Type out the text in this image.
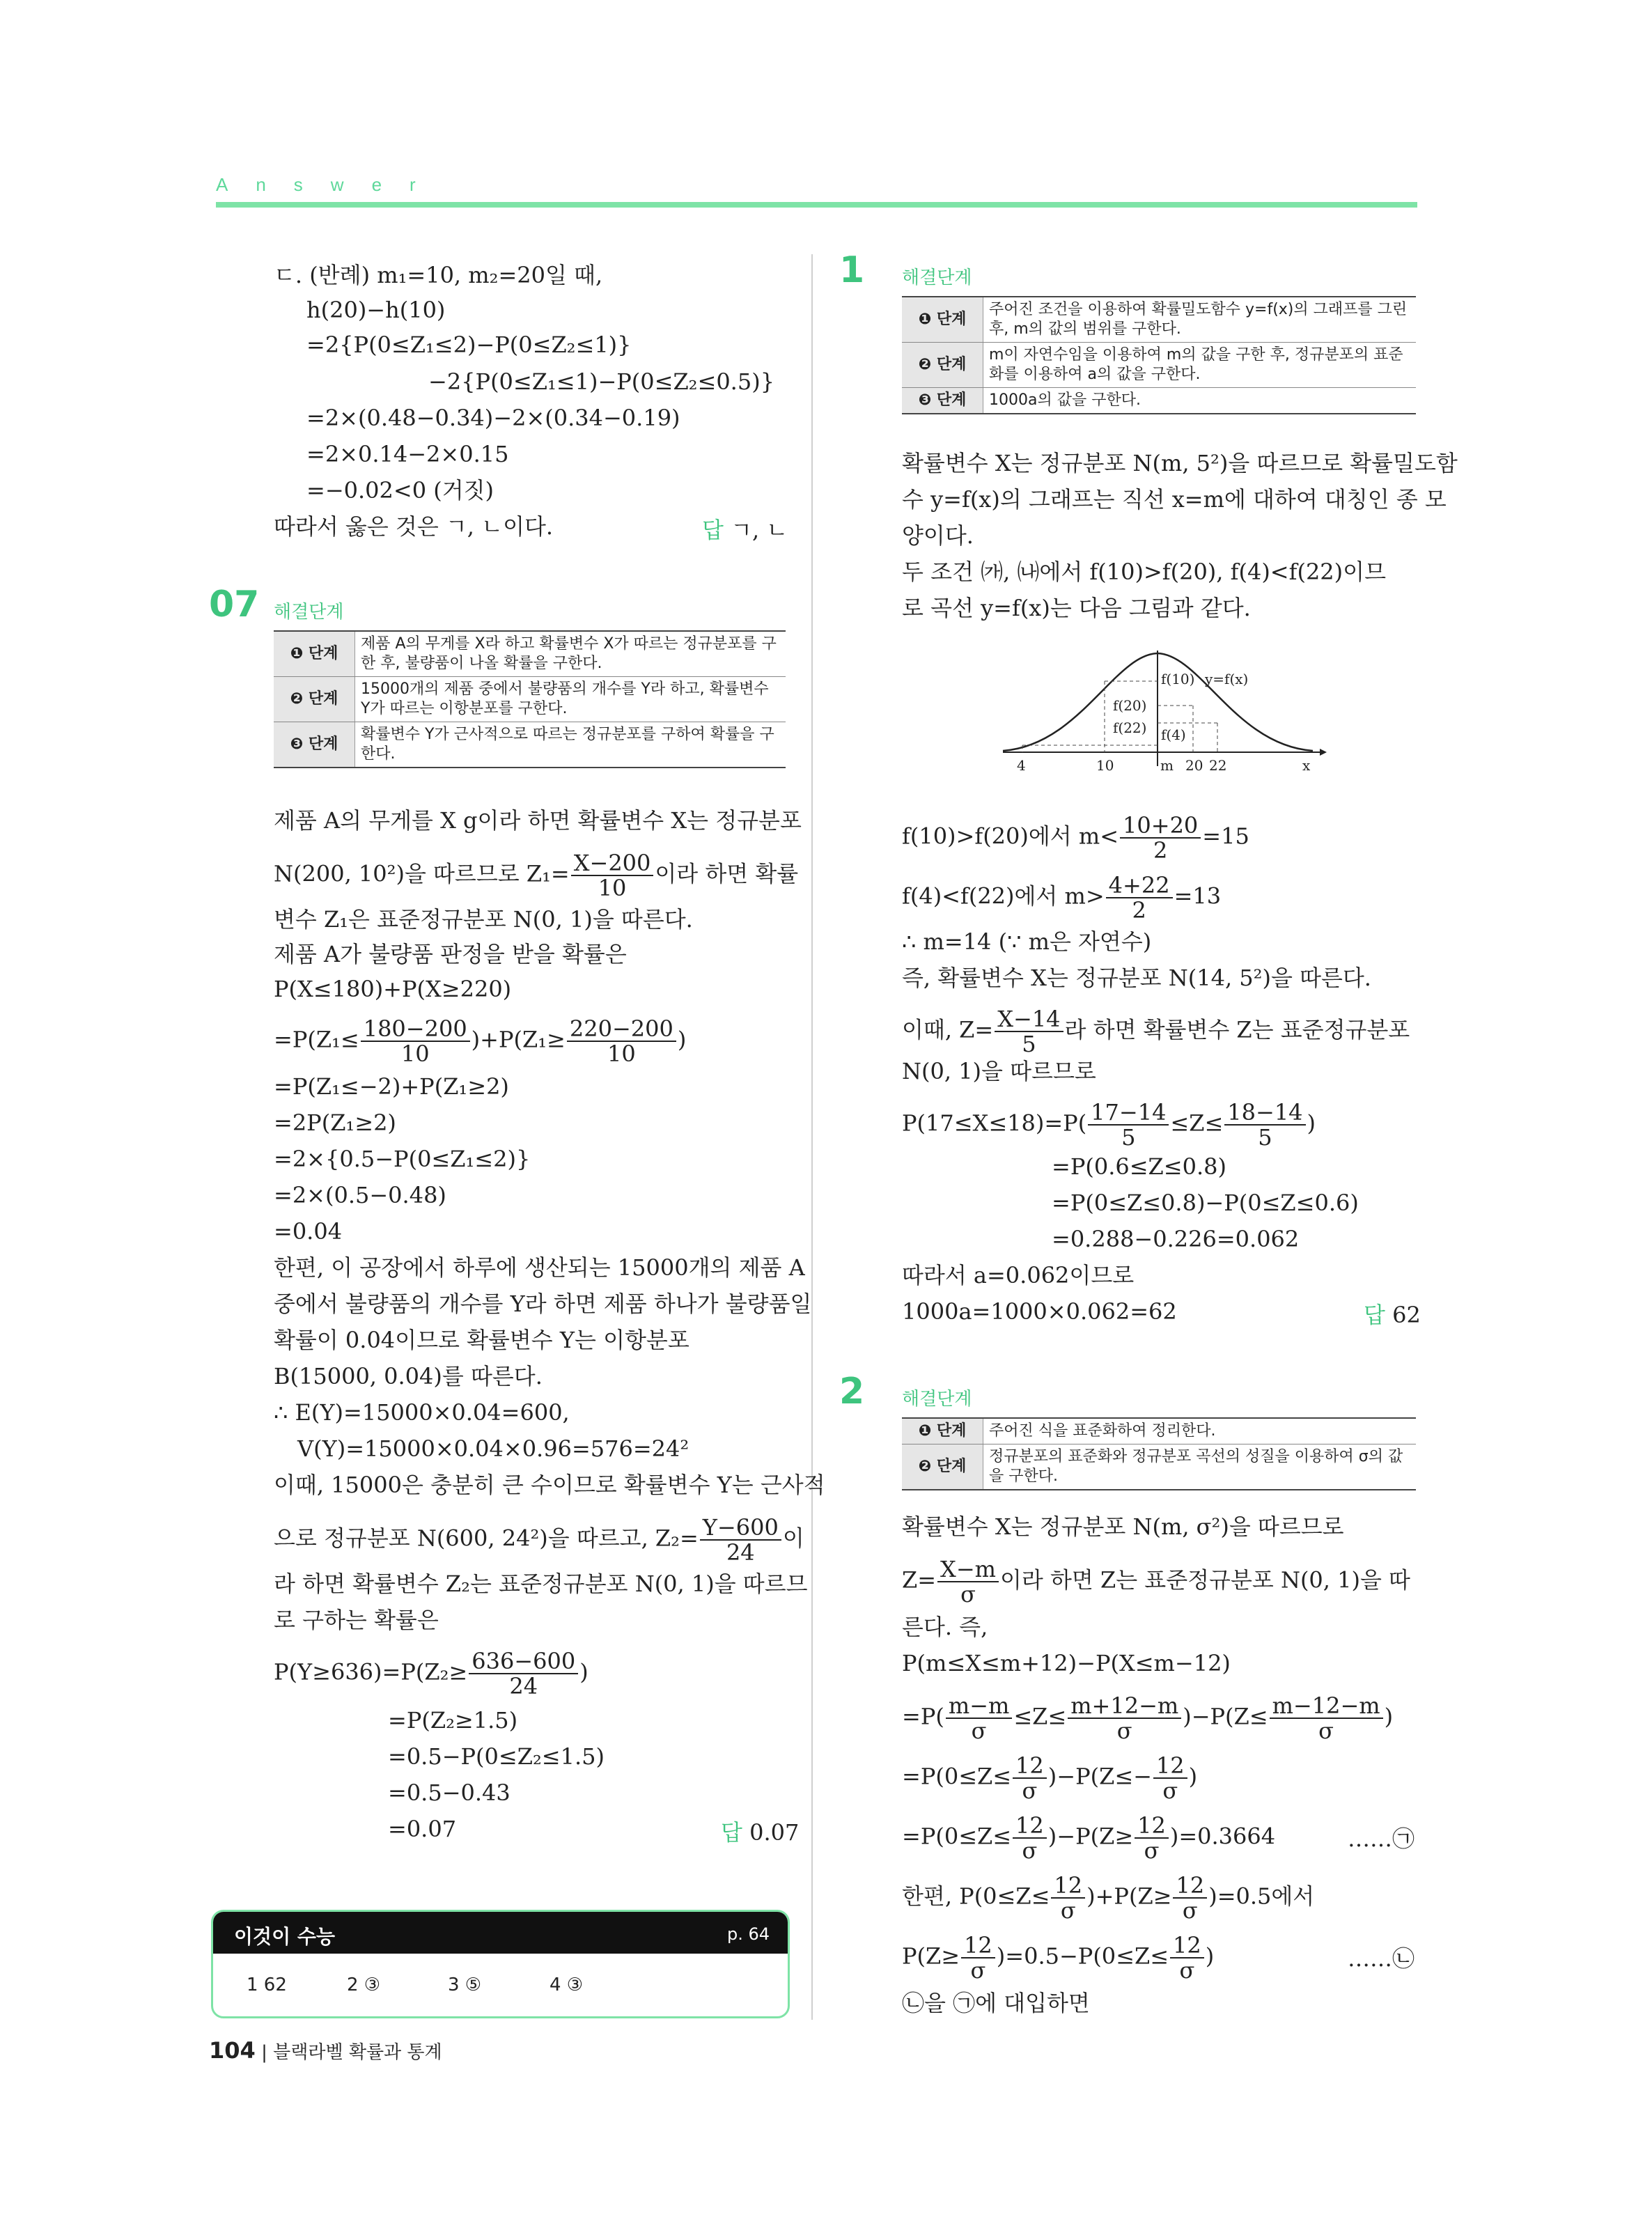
Answer
ㄷ. (반례) m₁=10, m₂=20일 때,
h(20)−h(10)
=2{P(0≤Z₁≤2)−P(0≤Z₂≤1)}
−2{P(0≤Z₁≤1)−P(0≤Z₂≤0.5)}
=2×(0.48−0.34)−2×(0.34−0.19)
=2×0.14−2×0.15
=−0.02<0 (거짓)
따라서 옳은 것은 ㄱ, ㄴ이다.	답 ㄱ, ㄴ
07 해결단계
❶ 단계	제품 A의 무게를 X라 하고 확률변수 X가 따르는 정규분포를 구한 후, 불량품이 나올 확률을 구한다.
❷ 단계	15000개의 제품 중에서 불량품의 개수를 Y라 하고, 확률변수 Y가 따르는 이항분포를 구한다.
❸ 단계	확률변수 Y가 근사적으로 따르는 정규분포를 구하여 확률을 구한다.
제품 A의 무게를 X g이라 하면 확률변수 X는 정규분포
N(200, 10²)을 따르므로 $Z_1= \frac{X-200}{10}$ 이라 하면 확률
변수 Z₁은 표준정규분포 N(0, 1)을 따른다.
제품 A가 불량품 판정을 받을 확률은
P(X≤180)+P(X≥220)
$=P(Z_1\le \frac{180-200}{10} )+P(Z_1\ge \frac{220-200}{10}$ )
=P(Z₁≤−2)+P(Z₁≥2)
=2P(Z₁≥2)
=2×{0.5−P(0≤Z₁≤2)}
=2×(0.5−0.48)
=0.04
한편, 이 공장에서 하루에 생산되는 15000개의 제품 A
중에서 불량품의 개수를 Y라 하면 제품 하나가 불량품일
확률이 0.04이므로 확률변수 Y는 이항분포
B(15000, 0.04)를 따른다.
∴ E(Y)=15000×0.04=600,
V(Y)=15000×0.04×0.96=576=24²
이때, 15000은 충분히 큰 수이므로 확률변수 Y는 근사적
으로 정규분포 N(600, 24²)을 따르고, $Z_2= \frac{Y-600}{24}$ 이
라 하면 확률변수 Z₂는 표준정규분포 N(0, 1)을 따르므
로 구하는 확률은
$P(Y\ge 636)=P(Z_2\ge \frac{636-600}{24}$ )
=P(Z₂≥1.5)
=0.5−P(0≤Z₂≤1.5)
=0.5−0.43
=0.07	답 0.07
이것이 수능	p. 64
1 62	2 ③	3 ⑤	4 ③
1 해결단계
❶ 단계	주어진 조건을 이용하여 확률밀도함수 y=f(x)의 그래프를 그린 후, m의 값의 범위를 구한다.
❷ 단계	m이 자연수임을 이용하여 m의 값을 구한 후, 정규분포의 표준화를 이용하여 a의 값을 구한다.
❸ 단계	1000a의 값을 구한다.
확률변수 X는 정규분포 N(m, 5²)을 따르므로 확률밀도함
수 y=f(x)의 그래프는 직선 x=m에 대하여 대칭인 종 모
양이다.
두 조건 ㈎, ㈏에서 f(10)>f(20), f(4)<f(22)이므
로 곡선 y=f(x)는 다음 그림과 같다.
f(10) y=f(x)
f(20)
f(22) f(4)
4	10	m 20 22	x
f(10)>f(20)에서 $m< \frac{10+20}{2} =15$
f(4)<f(22)에서 $m> \frac{4+22}{2} =13$
∴ m=14 (∵ m은 자연수)
즉, 확률변수 X는 정규분포 N(14, 5²)을 따른다.
이때, $Z= \frac{X-14}{5}$ 라 하면 확률변수 Z는 표준정규분포
N(0, 1)을 따르므로
$P(17\le X\le 18)=P( \frac{17-14}{5} \le Z\le \frac{18-14}{5}$ )
=P(0.6≤Z≤0.8)
=P(0≤Z≤0.8)−P(0≤Z≤0.6)
=0.288−0.226=0.062
따라서 a=0.062이므로
1000a=1000×0.062=62	답 62
2 해결단계
❶ 단계	주어진 식을 표준화하여 정리한다.
❷ 단계	정규분포의 표준화와 정규분포 곡선의 성질을 이용하여 σ의 값을 구한다.
확률변수 X는 정규분포 N(m, σ²)을 따르므로
$Z= \frac{X-m}{\sigma}$ 이라 하면 Z는 표준정규분포 N(0, 1)을 따
른다. 즉,
P(m≤X≤m+12)−P(X≤m−12)
$=P( \frac{m-m}{\sigma} \le Z\le \frac{m+12-m}{\sigma} )-P(Z\le \frac{m-12-m}{\sigma}$ )
$=P(0\le Z\le \frac{12}{\sigma} )-P(Z\le- \frac{12}{\sigma}$ )
$=P(0\le Z\le \frac{12}{\sigma} )-P(Z\ge \frac{12}{\sigma} )=0.3664$	……㉠
한편, $P(0\le Z\le \frac{12}{\sigma} )+P(Z\ge \frac{12}{\sigma} )=0.5$에서
$P(Z\ge \frac{12}{\sigma} )=0.5-P(0\le Z\le \frac{12}{\sigma}$ )	……㉡
㉡을 ㉠에 대입하면
104 | 블랙라벨 확률과 통계
